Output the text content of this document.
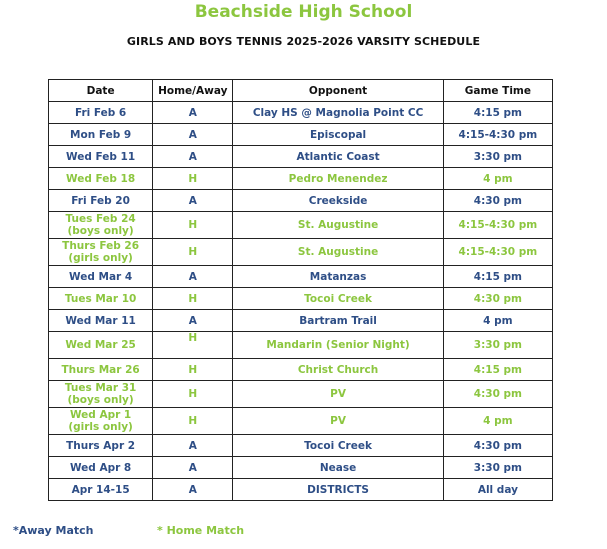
Beachside High School
GIRLS AND BOYS TENNIS 2025-2026 VARSITY SCHEDULE
Date	Home/Away	Opponent	Game Time
Fri Feb 6	A	Clay HS @ Magnolia Point CC	4:15 pm
Mon Feb 9	A	Episcopal	4:15-4:30 pm
Wed Feb 11	A	Atlantic Coast	3:30 pm
Wed Feb 18	H	Pedro Menendez	4 pm
Fri Feb 20	A	Creekside	4:30 pm
Tues Feb 24
(boys only)	H	St. Augustine	4:15-4:30 pm
Thurs Feb 26
(girls only)	H	St. Augustine	4:15-4:30 pm
Wed Mar 4	A	Matanzas	4:15 pm
Tues Mar 10	H	Tocoi Creek	4:30 pm
Wed Mar 11	A	Bartram Trail	4 pm
Wed Mar 25	H	Mandarin (Senior Night)	3:30 pm
Thurs Mar 26	H	Christ Church	4:15 pm
Tues Mar 31
(boys only)	H	PV	4:30 pm
Wed Apr 1
(girls only)	H	PV	4 pm
Thurs Apr 2	A	Tocoi Creek	4:30 pm
Wed Apr 8	A	Nease	3:30 pm
Apr 14-15	A	DISTRICTS	All day
*Away Match	* Home Match
